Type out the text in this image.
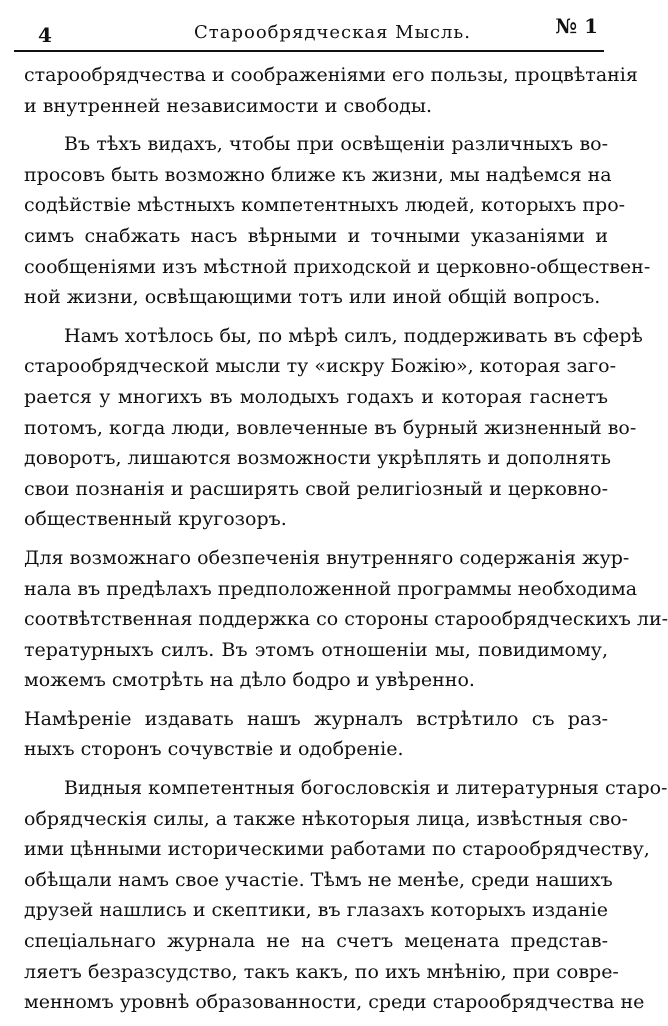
4	Старообрядческая Мысль.	№ 1
старообрядчества и соображеніями его пользы, процвѣтанія
и внутренней независимости и свободы.
Въ тѣхъ видахъ, чтобы при освѣщеніи различныхъ во-
просовъ быть возможно ближе къ жизни, мы надѣемся на
содѣйствіе мѣстныхъ компетентныхъ людей, которыхъ про-
симъ снабжать насъ вѣрными и точными указаніями и
сообщеніями изъ мѣстной приходской и церковно-обществен-
ной жизни, освѣщающими тотъ или иной общій вопросъ.
Намъ хотѣлось бы, по мѣрѣ силъ, поддерживать въ сферѣ
старообрядческой мысли ту «искру Божію», которая заго-
рается у многихъ въ молодыхъ годахъ и которая гаснетъ
потомъ, когда люди, вовлеченные въ бурный жизненный во-
доворотъ, лишаются возможности укрѣплять и дополнять
свои познанія и расширять свой религіозный и церковно-
общественный кругозоръ.
Для возможнаго обезпеченія внутренняго содержанія жур-
нала въ предѣлахъ предположенной программы необходима
соотвѣтственная поддержка со стороны старообрядческихъ ли-
тературныхъ силъ. Въ этомъ отношеніи мы, повидимому,
можемъ смотрѣть на дѣло бодро и увѣренно.
Намѣреніе издавать нашъ журналъ встрѣтило съ раз-
ныхъ сторонъ сочувствіе и одобреніе.
Видныя компетентныя богословскія и литературныя старо-
обрядческія силы, а также нѣкоторыя лица, извѣстныя сво-
ими цѣнными историческими работами по старообрядчеству,
обѣщали намъ свое участіе. Тѣмъ не менѣе, среди нашихъ
друзей нашлись и скептики, въ глазахъ которыхъ изданіе
спеціальнаго журнала не на счетъ мецената представ-
ляетъ безразсудство, такъ какъ, по ихъ мнѣнію, при совре-
менномъ уровнѣ образованности, среди старообрядчества не
